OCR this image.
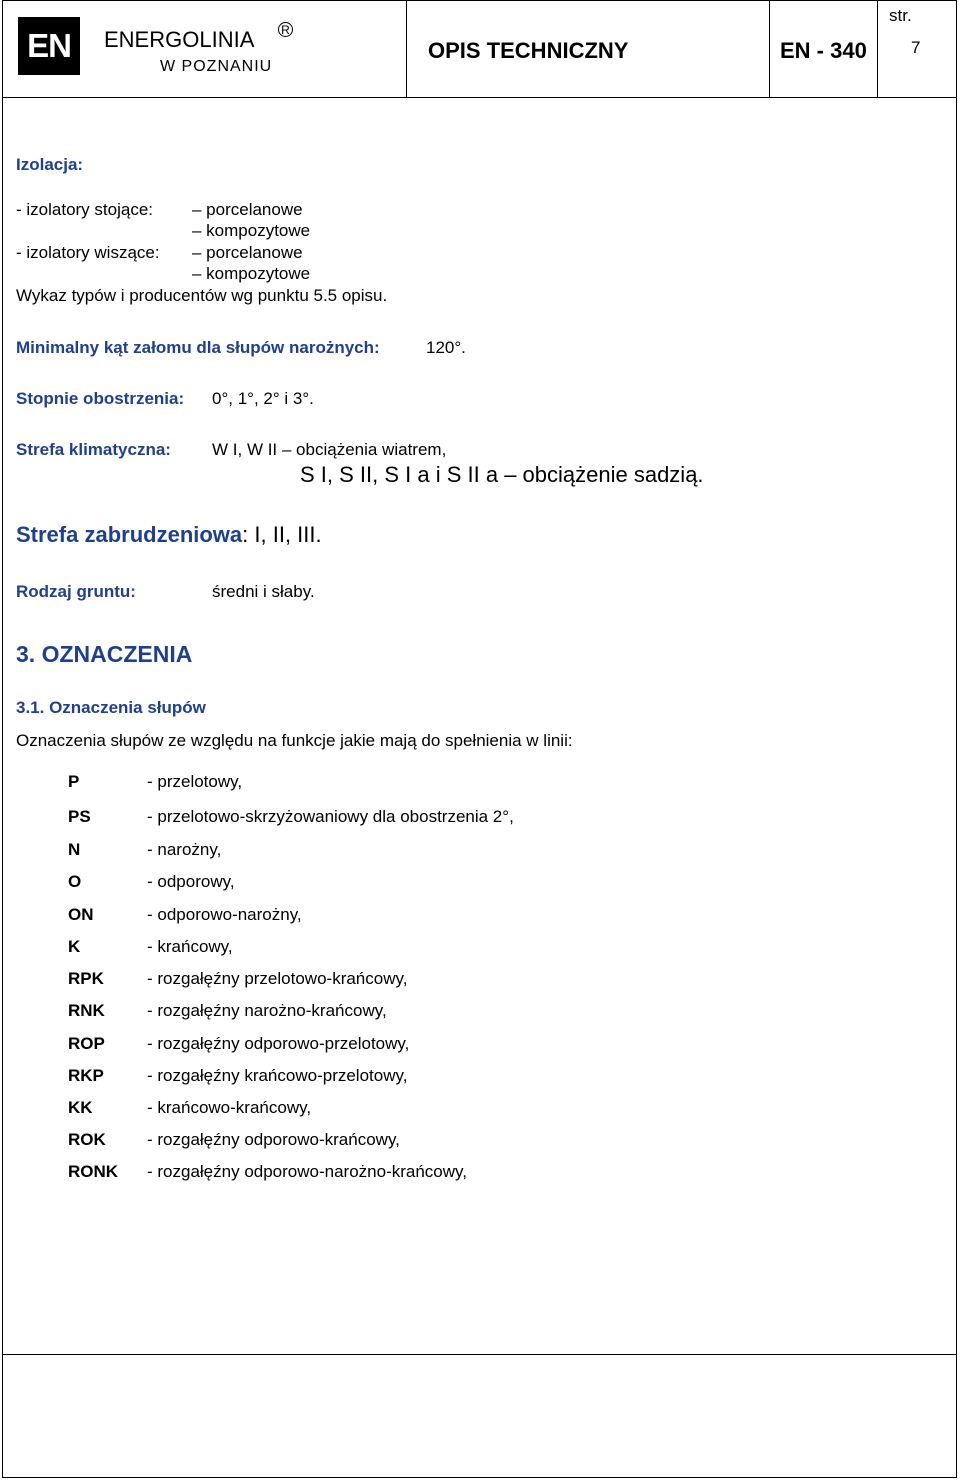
EN ENERGOLINIA R
W POZNANIU
OPIS TECHNICZNY	EN - 340
str.
7
Izolacja:
- izolatory stojące: – porcelanowe
– kompozytowe
- izolatory wiszące: – porcelanowe
– kompozytowe
Wykaz typów i producentów wg punktu 5.5 opisu.
Minimalny kąt załomu dla słupów narożnych:	120°.
Stopnie obostrzenia: 0°, 1°, 2° i 3°.
Strefa klimatyczna: W I, W II – obciążenia wiatrem,
S I, S II, S I a i S II a – obciążenie sadzią.
Strefa zabrudzeniowa: I, II, III.
Rodzaj gruntu:	średni i słaby.
3. OZNACZENIA
3.1. Oznaczenia słupów
Oznaczenia słupów ze względu na funkcje jakie mają do spełnienia w linii:
P	- przelotowy,
PS	- przelotowo-skrzyżowaniowy dla obostrzenia 2°,
N	- narożny,
O	- odporowy,
ON	- odporowo-narożny,
K	- krańcowy,
RPK	- rozgałęźny przelotowo-krańcowy,
RNK - rozgałęźny narożno-krańcowy,
ROP - rozgałęźny odporowo-przelotowy,
RKP	- rozgałęźny krańcowo-przelotowy,
KK	- krańcowo-krańcowy,
ROK - rozgałęźny odporowo-krańcowy,
RONK - rozgałęźny odporowo-narożno-krańcowy,
